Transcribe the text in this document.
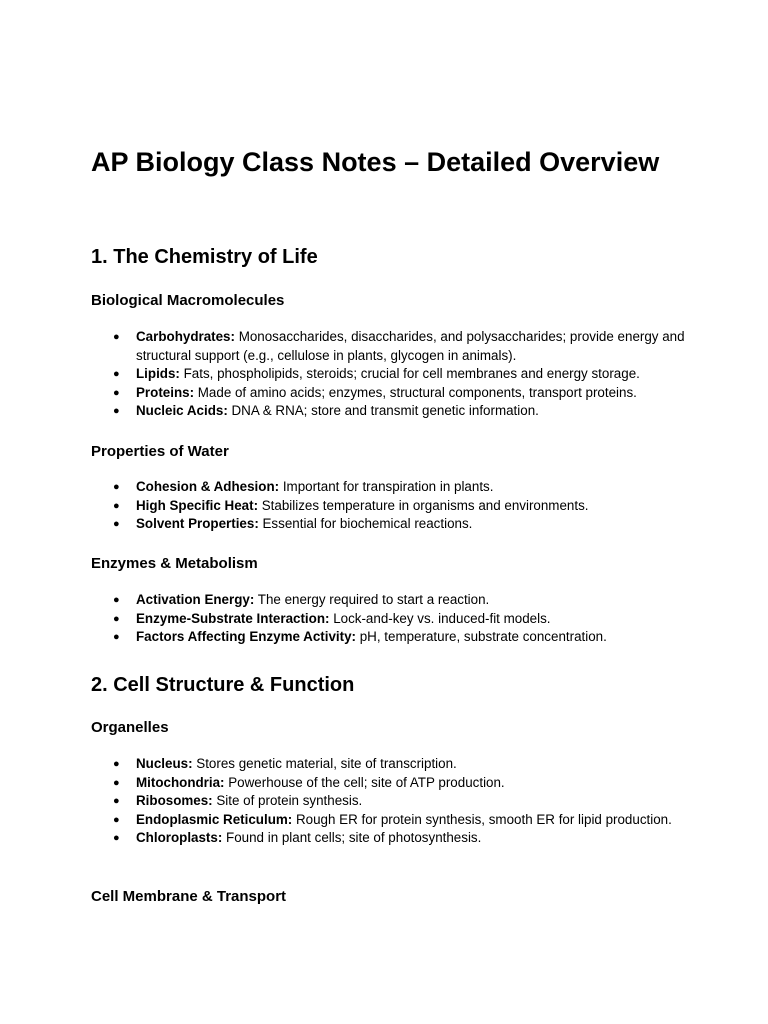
AP Biology Class Notes – Detailed Overview
1. The Chemistry of Life
Biological Macromolecules
● Carbohydrates: Monosaccharides, disaccharides, and polysaccharides; provide energy and structural support (e.g., cellulose in plants, glycogen in animals).
● Lipids: Fats, phospholipids, steroids; crucial for cell membranes and energy storage.
● Proteins: Made of amino acids; enzymes, structural components, transport proteins.
● Nucleic Acids: DNA & RNA; store and transmit genetic information.
Properties of Water
● Cohesion & Adhesion: Important for transpiration in plants.
● High Specific Heat: Stabilizes temperature in organisms and environments.
● Solvent Properties: Essential for biochemical reactions.
Enzymes & Metabolism
● Activation Energy: The energy required to start a reaction.
● Enzyme-Substrate Interaction: Lock-and-key vs. induced-fit models.
● Factors Affecting Enzyme Activity: pH, temperature, substrate concentration.
2. Cell Structure & Function
Organelles
● Nucleus: Stores genetic material, site of transcription.
● Mitochondria: Powerhouse of the cell; site of ATP production.
● Ribosomes: Site of protein synthesis.
● Endoplasmic Reticulum: Rough ER for protein synthesis, smooth ER for lipid production.
● Chloroplasts: Found in plant cells; site of photosynthesis.
Cell Membrane & Transport
